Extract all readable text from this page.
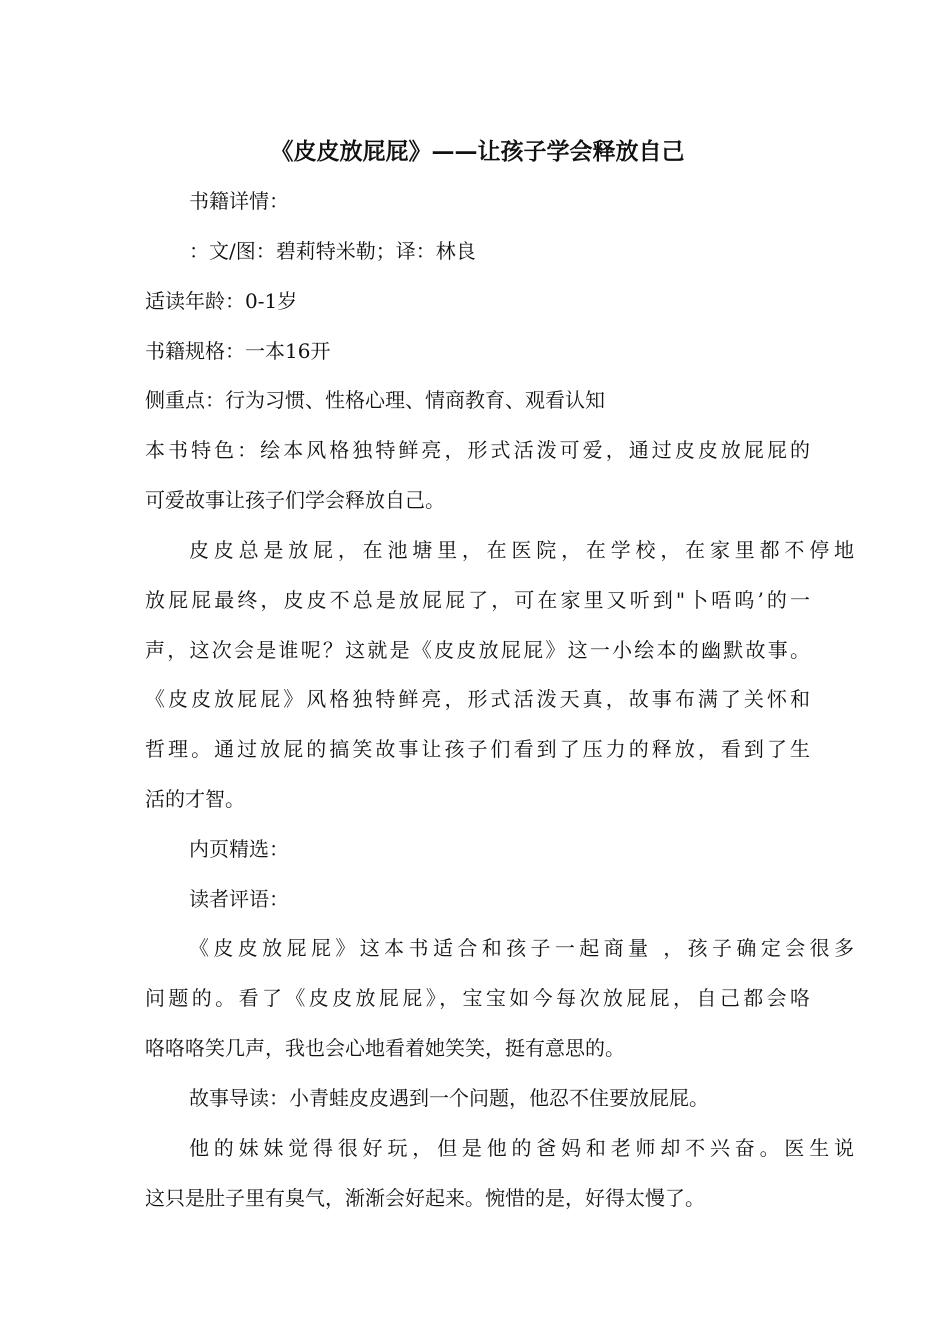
《皮皮放屁屁》——让孩子学会释放自己
书籍详情：
：文/图：碧莉特米勒；译：林良
适读年龄：0-1岁
书籍规格：一本16开
侧重点：行为习惯、性格心理、情商教育、观看认知
本书特色：绘本风格独特鲜亮，形式活泼可爱，通过皮皮放屁屁的
可爱故事让孩子们学会释放自己。
皮皮总是放屁，在池塘里，在医院，在学校，在家里都不停地
放屁屁最终，皮皮不总是放屁屁了，可在家里又听到"卜唔呜’的一
声，这次会是谁呢？这就是《皮皮放屁屁》这一小绘本的幽默故事。
《皮皮放屁屁》风格独特鲜亮，形式活泼天真，故事布满了关怀和
哲理。通过放屁的搞笑故事让孩子们看到了压力的释放，看到了生
活的才智。
内页精选：
读者评语：
《皮皮放屁屁》这本书适合和孩子一起商量 ，孩子确定会很多
问题的。看了《皮皮放屁屁》，宝宝如今每次放屁屁，自己都会咯
咯咯咯笑几声，我也会心地看着她笑笑，挺有意思的。
故事导读：小青蛙皮皮遇到一个问题，他忍不住要放屁屁。
他的妹妹觉得很好玩，但是他的爸妈和老师却不兴奋。医生说
这只是肚子里有臭气，渐渐会好起来。惋惜的是，好得太慢了。
